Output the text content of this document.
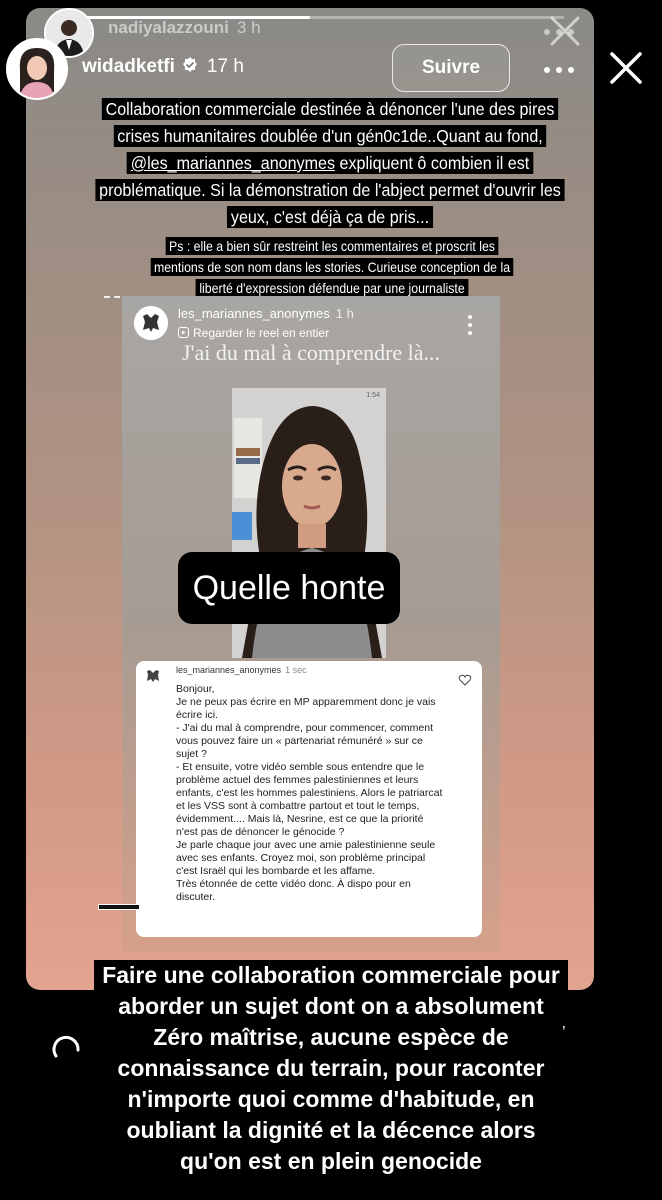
nadiyalazzouni 3 h
widadketfi 17 h	Suivre
Collaboration commerciale destinée à dénoncer l'une des pires crises humanitaires doublée d'un gén0c1de..Quant au fond, @les_mariannes_anonymes expliquent ô combien il est problématique. Si la démonstration de l'abject permet d'ouvrir les yeux, c'est déjà ça de pris...
Ps : elle a bien sûr restreint les commentaires et proscrit les mentions de son nom dans les stories. Curieuse conception de la liberté d'expression défendue par une journaliste
les_mariannes_anonymes 1 h
Regarder le reel en entier
J'ai du mal à comprendre là...
1:54
Quelle honte
les_mariannes_anonymes 1 sec
Bonjour,
Je ne peux pas écrire en MP apparemment donc je vais écrire ici.
- J'ai du mal à comprendre, pour commencer, comment vous pouvez faire un « partenariat rémunéré » sur ce sujet ?
- Et ensuite, votre vidéo semble sous entendre que le problème actuel des femmes palestiniennes et leurs enfants, c'est les hommes palestiniens. Alors le patriarcat et les VSS sont à combattre partout et tout le temps, évidemment.... Mais là, Nesrine, est ce que la priorité n'est pas de dénoncer le génocide ?
Je parle chaque jour avec une amie palestinienne seule avec ses enfants. Croyez moi, son problème principal c'est Israël qui les bombarde et les affame.
Très étonnée de cette vidéo donc. À dispo pour en discuter.
Faire une collaboration commerciale pour
aborder un sujet dont on a absolument
Zéro maîtrise, aucune espèce de
connaissance du terrain, pour raconter
n'importe quoi comme d'habitude, en
oubliant la dignité et la décence alors
qu'on est en plein genocide
’
